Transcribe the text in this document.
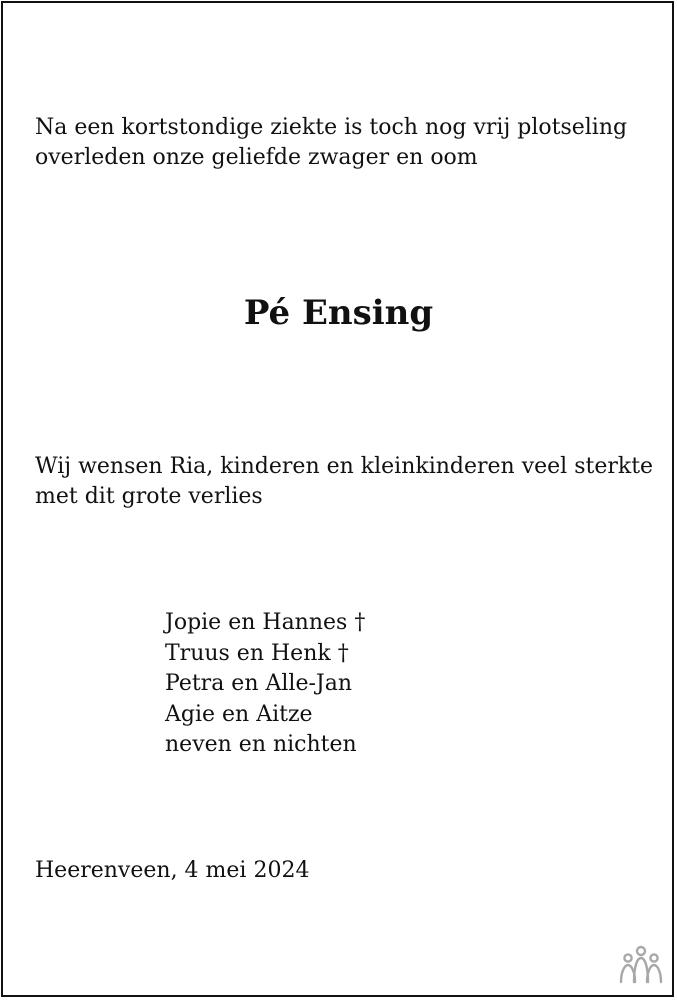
Na een kortstondige ziekte is toch nog vrij plotseling
overleden onze geliefde zwager en oom
Pé Ensing
Wij wensen Ria, kinderen en kleinkinderen veel sterkte
met dit grote verlies
Jopie en Hannes †
Truus en Henk †
Petra en Alle-Jan
Agie en Aitze
neven en nichten
Heerenveen, 4 mei 2024
